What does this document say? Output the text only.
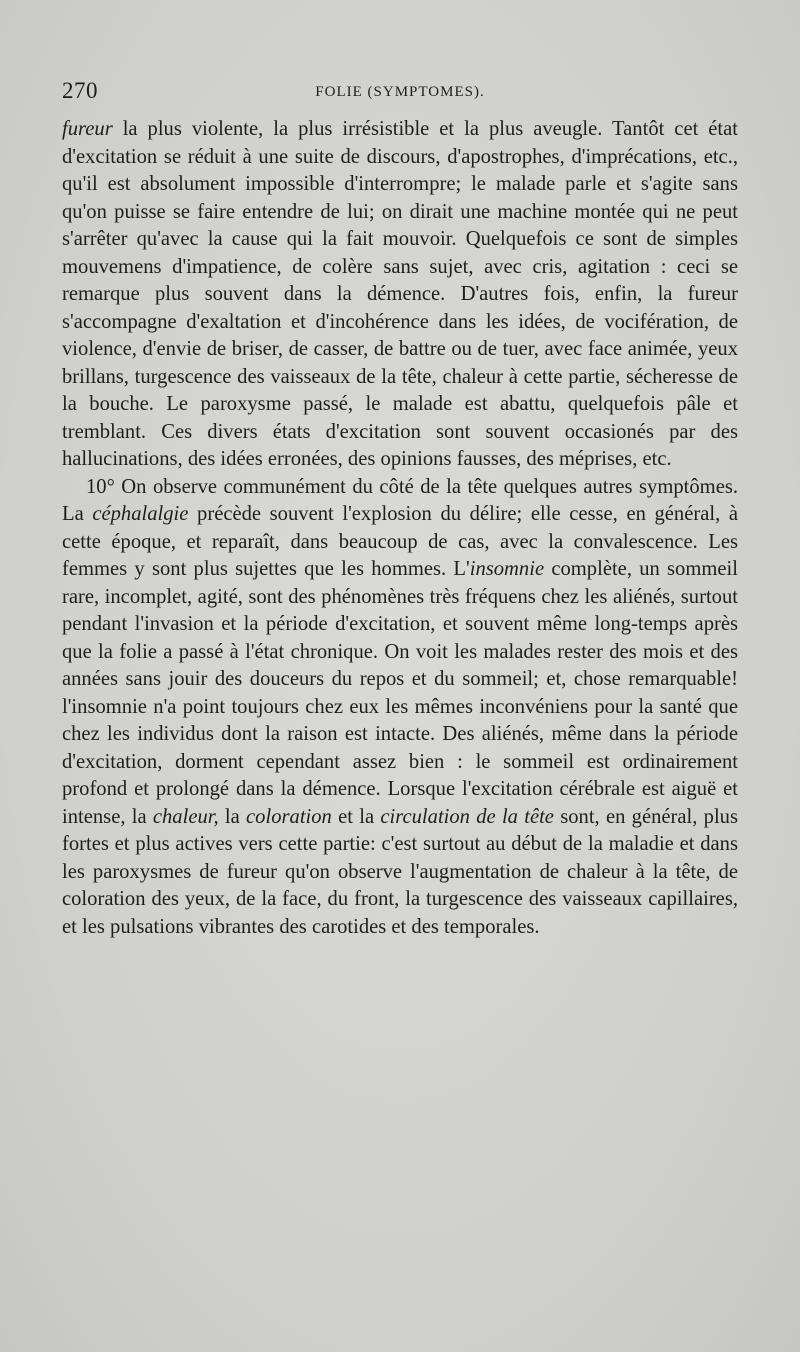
270	FOLIE (SYMPTOMES).

fureur la plus violente, la plus irrésistible et la plus aveugle. Tantôt cet état d'excitation se réduit à une suite de discours, d'apostrophes, d'imprécations, etc., qu'il est absolument impossible d'interrompre; le malade parle et s'agite sans qu'on puisse se faire entendre de lui; on dirait une machine montée qui ne peut s'arrêter qu'avec la cause qui la fait mouvoir. Quelquefois ce sont de simples mouvemens d'impatience, de colère sans sujet, avec cris, agitation : ceci se remarque plus souvent dans la démence. D'autres fois, enfin, la fureur s'accompagne d'exaltation et d'incohérence dans les idées, de vocifération, de violence, d'envie de briser, de casser, de battre ou de tuer, avec face animée, yeux brillans, turgescence des vaisseaux de la tête, chaleur à cette partie, sécheresse de la bouche. Le paroxysme passé, le malade est abattu, quelquefois pâle et tremblant. Ces divers états d'excitation sont souvent occasionés par des hallucinations, des idées erronées, des opinions fausses, des méprises, etc.

10° On observe communément du côté de la tête quelques autres symptômes. La céphalalgie précède souvent l'explosion du délire; elle cesse, en général, à cette époque, et reparaît, dans beaucoup de cas, avec la convalescence. Les femmes y sont plus sujettes que les hommes. L'insomnie complète, un sommeil rare, incomplet, agité, sont des phénomènes très fréquens chez les aliénés, surtout pendant l'invasion et la période d'excitation, et souvent même long-temps après que la folie a passé à l'état chronique. On voit les malades rester des mois et des années sans jouir des douceurs du repos et du sommeil; et, chose remarquable! l'insomnie n'a point toujours chez eux les mêmes inconvéniens pour la santé que chez les individus dont la raison est intacte. Des aliénés, même dans la période d'excitation, dorment cependant assez bien : le sommeil est ordinairement profond et prolongé dans la démence. Lorsque l'excitation cérébrale est aiguë et intense, la chaleur, la coloration et la circulation de la tête sont, en général, plus fortes et plus actives vers cette partie: c'est surtout au début de la maladie et dans les paroxysmes de fureur qu'on observe l'augmentation de chaleur à la tête, de coloration des yeux, de la face, du front, la turgescence des vaisseaux capillaires, et les pulsations vibrantes des carotides et des temporales.
